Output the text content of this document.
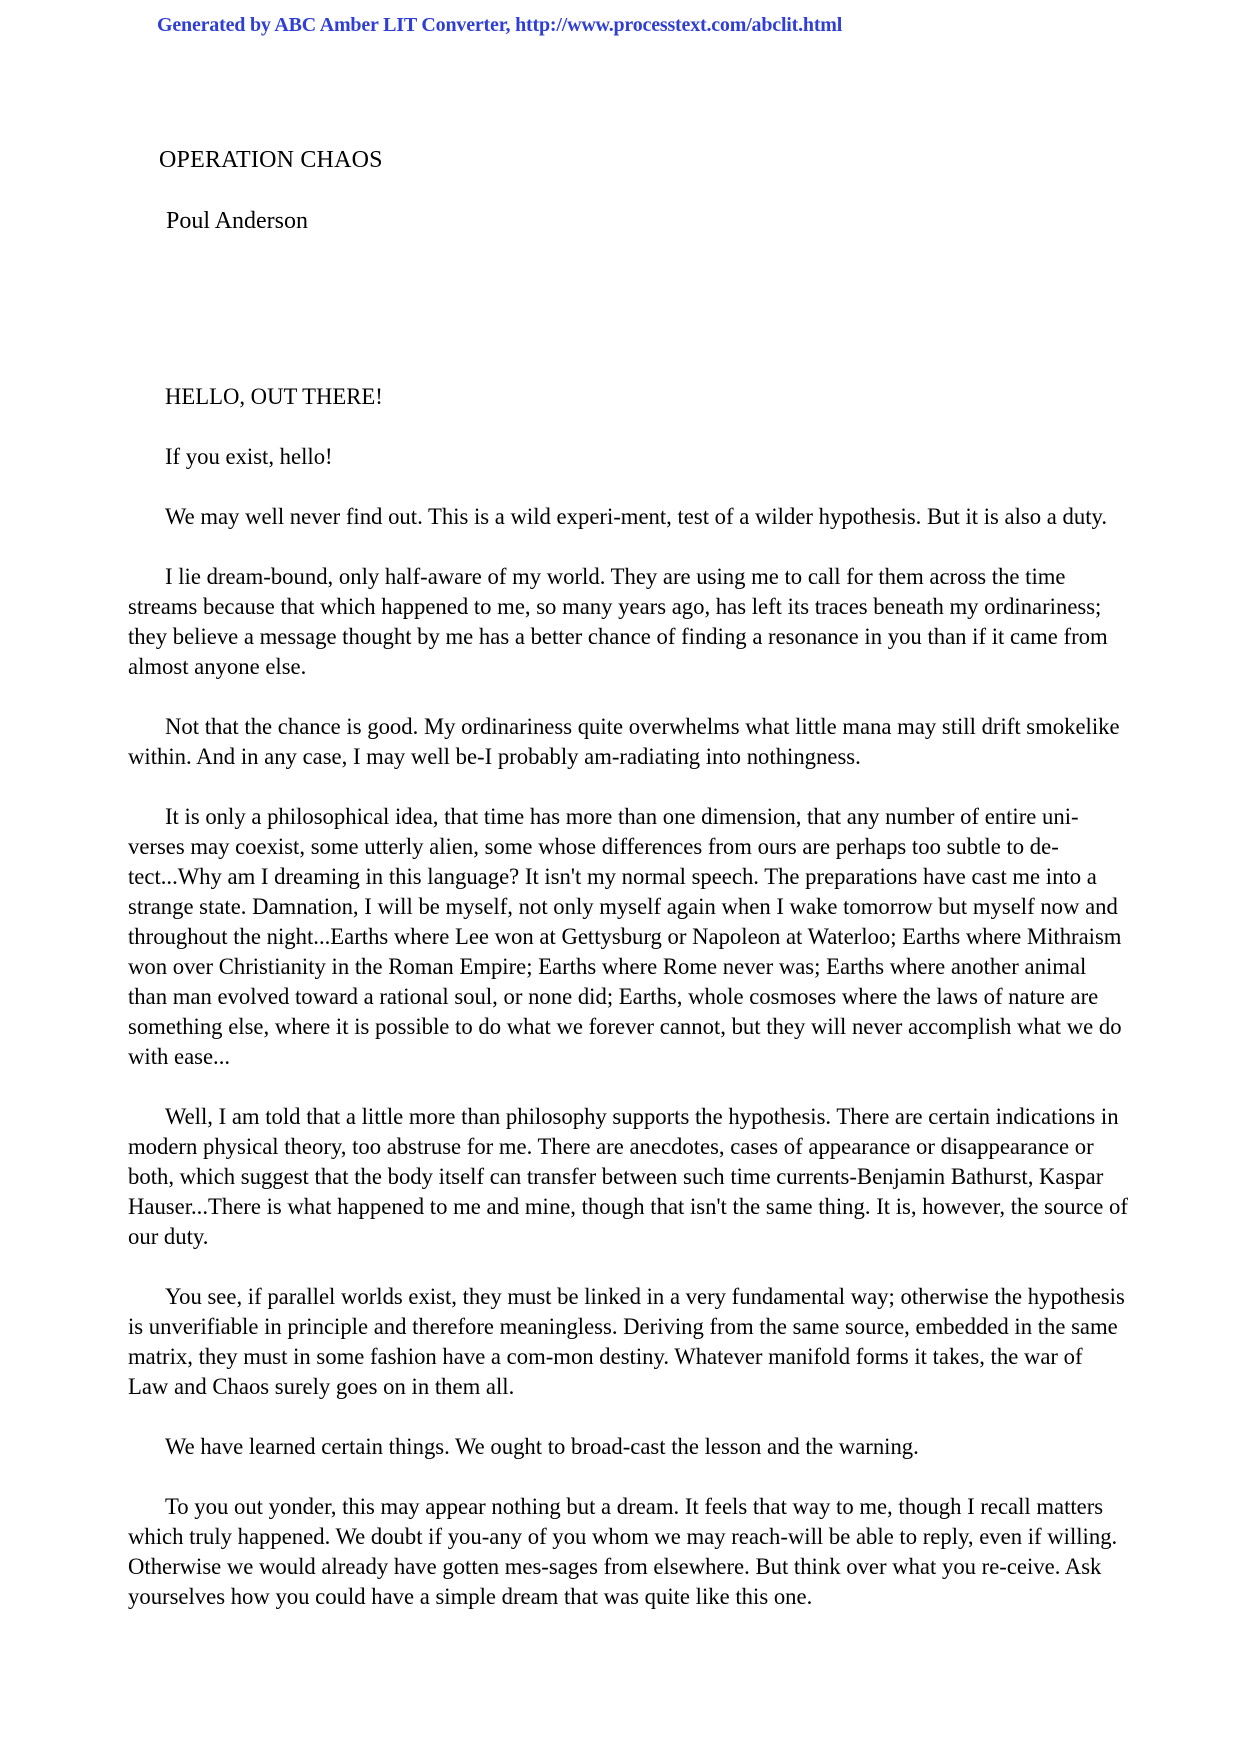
Generated by ABC Amber LIT Converter, http://www.processtext.com/abclit.html
OPERATION CHAOS
Poul Anderson

HELLO, OUT THERE!

If you exist, hello!

We may well never find out. This is a wild experi-ment, test of a wilder hypothesis. But it is also a duty.

I lie dream-bound, only half-aware of my world. They are using me to call for them across the time streams because that which happened to me, so many years ago, has left its traces beneath my ordinariness; they believe a message thought by me has a better chance of finding a resonance in you than if it came from almost anyone else.

Not that the chance is good. My ordinariness quite overwhelms what little mana may still drift smokelike within. And in any case, I may well be-I probably am-radiating into nothingness.

It is only a philosophical idea, that time has more than one dimension, that any number of entire uni-verses may coexist, some utterly alien, some whose differences from ours are perhaps too subtle to de-tect...Why am I dreaming in this language? It isn't my normal speech. The preparations have cast me into a strange state. Damnation, I will be myself, not only myself again when I wake tomorrow but myself now and throughout the night...Earths where Lee won at Gettysburg or Napoleon at Waterloo; Earths where Mithraism won over Christianity in the Roman Empire; Earths where Rome never was; Earths where another animal than man evolved toward a rational soul, or none did; Earths, whole cosmoses where the laws of nature are something else, where it is possible to do what we forever cannot, but they will never accomplish what we do with ease...

Well, I am told that a little more than philosophy supports the hypothesis. There are certain indications in modern physical theory, too abstruse for me. There are anecdotes, cases of appearance or disappearance or both, which suggest that the body itself can transfer between such time currents-Benjamin Bathurst, Kaspar Hauser...There is what happened to me and mine, though that isn't the same thing. It is, however, the source of our duty.

You see, if parallel worlds exist, they must be linked in a very fundamental way; otherwise the hypothesis is unverifiable in principle and therefore meaningless. Deriving from the same source, embedded in the same matrix, they must in some fashion have a com-mon destiny. Whatever manifold forms it takes, the war of Law and Chaos surely goes on in them all.

We have learned certain things. We ought to broad-cast the lesson and the warning.

To you out yonder, this may appear nothing but a dream. It feels that way to me, though I recall matters which truly happened. We doubt if you-any of you whom we may reach-will be able to reply, even if willing. Otherwise we would already have gotten mes-sages from elsewhere. But think over what you re-ceive. Ask yourselves how you could have a simple dream that was quite like this one.
